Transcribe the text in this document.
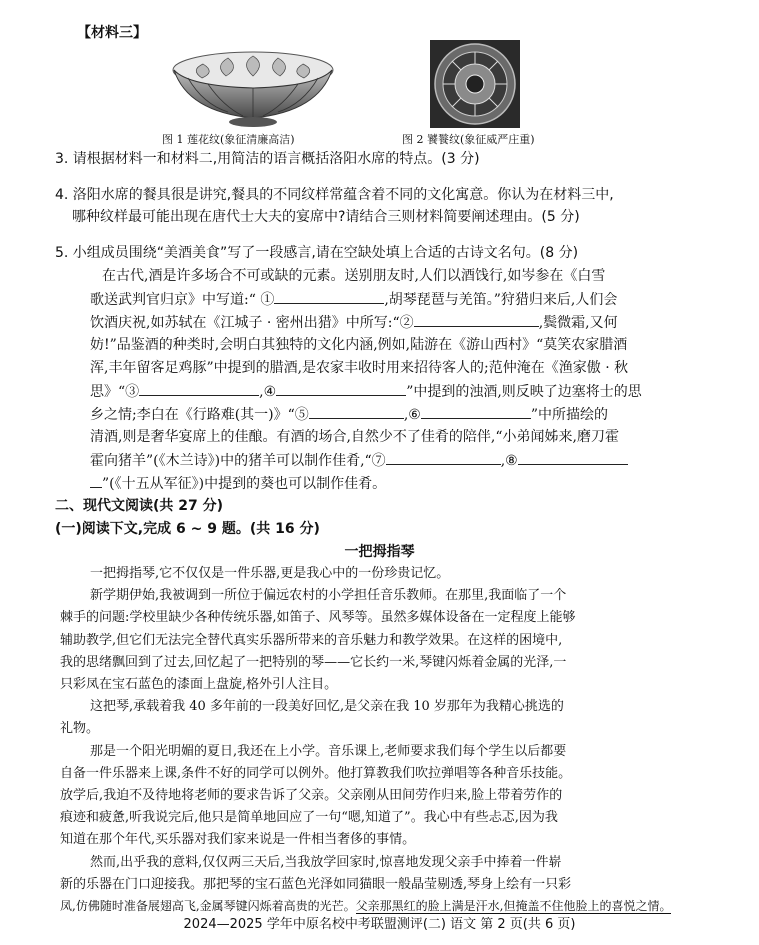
【材料三】
图 1 莲花纹(象征清廉高洁)	图 2 饕餮纹(象征威严庄重)
3. 请根据材料一和材料二,用简洁的语言概括洛阳水席的特点。(3 分)
4. 洛阳水席的餐具很是讲究,餐具的不同纹样常蕴含着不同的文化寓意。你认为在材料三中,
哪种纹样最可能出现在唐代士大夫的宴席中?请结合三则材料简要阐述理由。(5 分)
5. 小组成员围绕“美酒美食”写了一段感言,请在空缺处填上合适的古诗文名句。(8 分)
在古代,酒是许多场合不可或缺的元素。送别朋友时,人们以酒饯行,如岑参在《白雪
歌送武判官归京》中写道:“ ①	,胡琴琵琶与羌笛。”狩猎归来后,人们会
饮酒庆祝,如苏轼在《江城子 · 密州出猎》中所写:“②	,鬓微霜,又何
妨!”品鉴酒的种类时,会明白其独特的文化内涵,例如,陆游在《游山西村》“莫笑农家腊酒
浑,丰年留客足鸡豚”中提到的腊酒,是农家丰收时用来招待客人的;范仲淹在《渔家傲 · 秋
思》“③	,④	”中提到的浊酒,则反映了边塞将士的思
乡之情;李白在《行路难(其一)》“⑤	,⑥	”中所描绘的
清酒,则是奢华宴席上的佳酿。有酒的场合,自然少不了佳肴的陪伴,“小弟闻姊来,磨刀霍
霍向猪羊”(《木兰诗》)中的猪羊可以制作佳肴,“⑦	,⑧
”(《十五从军征》)中提到的葵也可以制作佳肴。
二、现代文阅读(共 27 分)
(一)阅读下文,完成 6 ~ 9 题。(共 16 分)
一把拇指琴
一把拇指琴,它不仅仅是一件乐器,更是我心中的一份珍贵记忆。
新学期伊始,我被调到一所位于偏远农村的小学担任音乐教师。在那里,我面临了一个
棘手的问题:学校里缺少各种传统乐器,如笛子、风琴等。虽然多媒体设备在一定程度上能够
辅助教学,但它们无法完全替代真实乐器所带来的音乐魅力和教学效果。在这样的困境中,
我的思绪飘回到了过去,回忆起了一把特别的琴——它长约一米,琴键闪烁着金属的光泽,一
只彩凤在宝石蓝色的漆面上盘旋,格外引人注目。
这把琴,承载着我 40 多年前的一段美好回忆,是父亲在我 10 岁那年为我精心挑选的
礼物。
那是一个阳光明媚的夏日,我还在上小学。音乐课上,老师要求我们每个学生以后都要
自备一件乐器来上课,条件不好的同学可以例外。他打算教我们吹拉弹唱等各种音乐技能。
放学后,我迫不及待地将老师的要求告诉了父亲。父亲刚从田间劳作归来,脸上带着劳作的
痕迹和疲惫,听我说完后,他只是简单地回应了一句“嗯,知道了”。我心中有些忐忑,因为我
知道在那个年代,买乐器对我们家来说是一件相当奢侈的事情。
然而,出乎我的意料,仅仅两三天后,当我放学回家时,惊喜地发现父亲手中捧着一件崭
新的乐器在门口迎接我。那把琴的宝石蓝色光泽如同猫眼一般晶莹剔透,琴身上绘有一只彩
凤,仿佛随时准备展翅高飞,金属琴键闪烁着高贵的光芒。父亲那黑红的脸上满是汗水,但掩盖不住他脸上的喜悦之情。
2024—2025 学年中原名校中考联盟测评(二) 语文 第 2 页(共 6 页)
